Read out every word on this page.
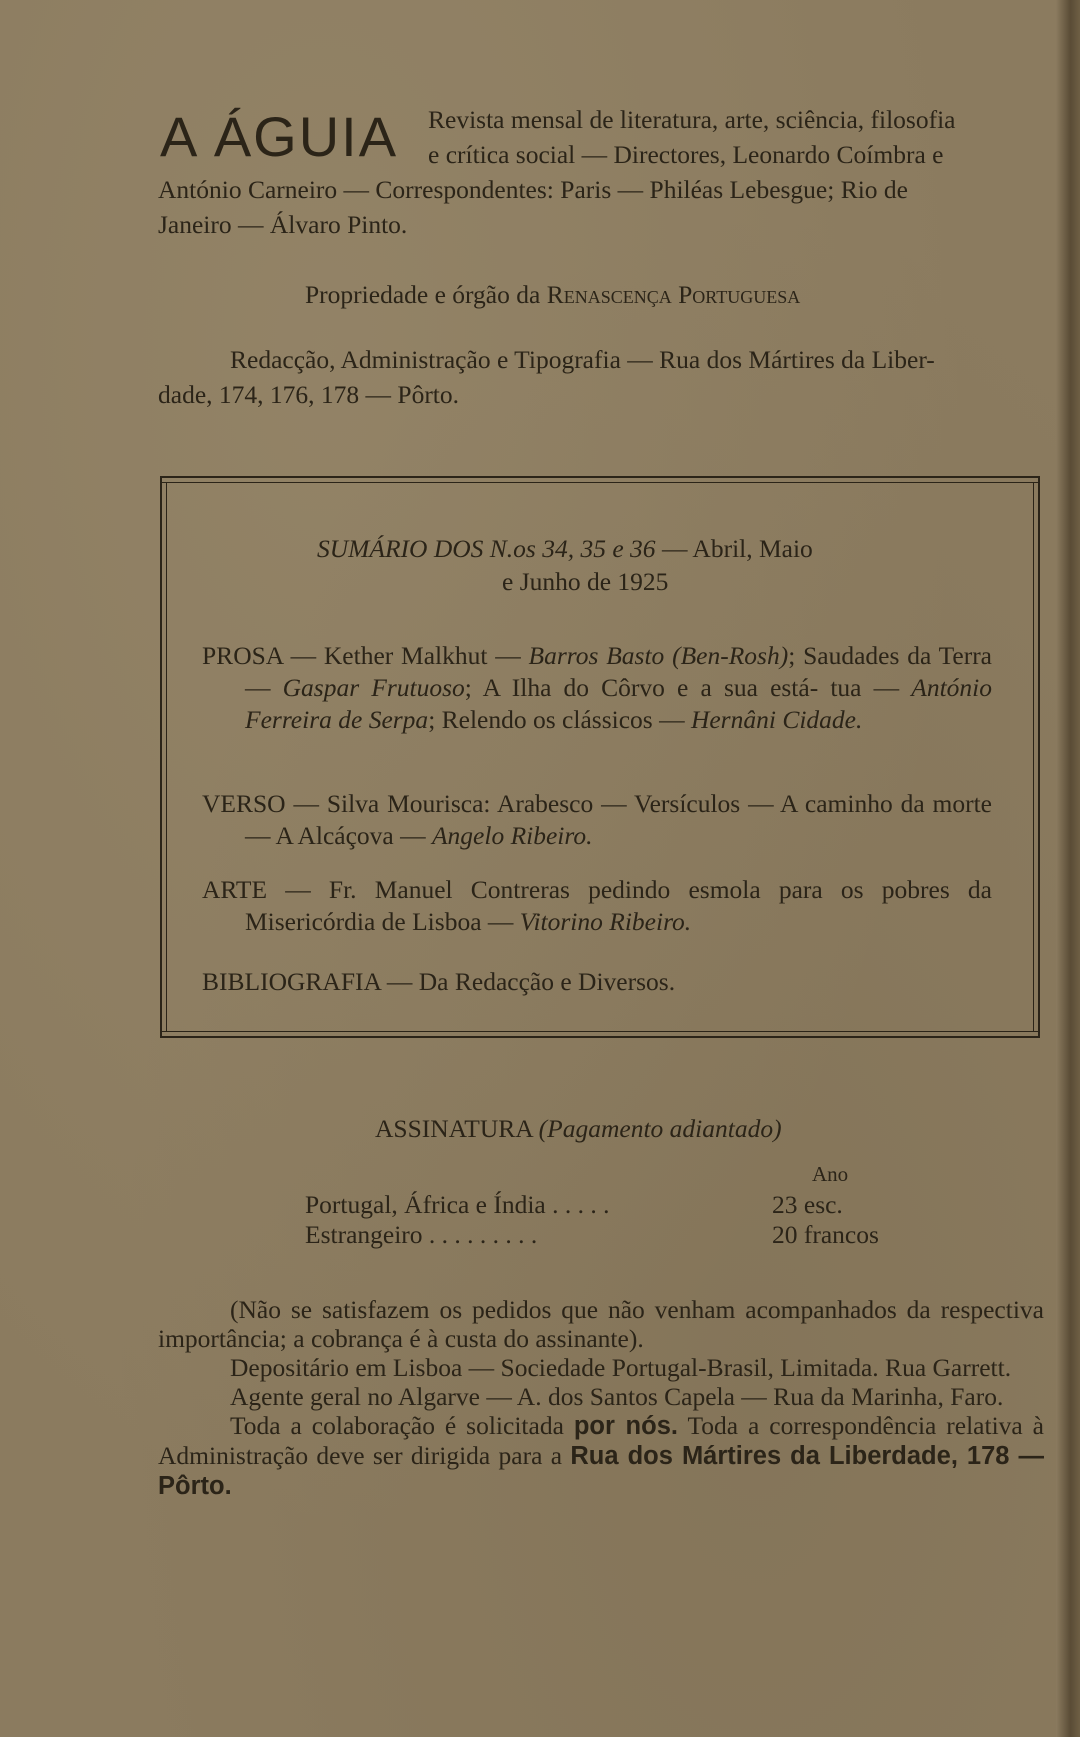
A ÁGUIA Revista mensal de literatura, arte, sciência, filosofia
e crítica social — Directores, Leonardo Coímbra e
António Carneiro — Correspondentes: Paris — Philéas Lebesgue; Rio de
Janeiro — Álvaro Pinto.
Propriedade e órgão da Renascença Portuguesa
Redacção, Administração e Tipografia — Rua dos Mártires da Liber-
dade, 174, 176, 178 — Pôrto.
SUMÁRIO DOS N.os 34, 35 e 36 — Abril, Maio
e Junho de 1925
PROSA — Kether Malkhut — Barros Basto (Ben-Rosh); Saudades da Terra — Gaspar Frutuoso; A Ilha do Côrvo e a sua está- tua — António Ferreira de Serpa; Relendo os clássicos — Hernâni Cidade.
VERSO — Silva Mourisca: Arabesco — Versículos — A caminho da morte — A Alcáçova — Angelo Ribeiro.
ARTE — Fr. Manuel Contreras pedindo esmola para os pobres da Misericórdia de Lisboa — Vitorino Ribeiro.
BIBLIOGRAFIA — Da Redacção e Diversos.
ASSINATURA (Pagamento adiantado)
Ano
Portugal, África e Índia . . . . .	23 esc.
Estrangeiro . . . . . . . . .	20 francos

(Não se satisfazem os pedidos que não venham acompanhados da respectiva importância; a cobrança é à custa do assinante).

Depositário em Lisboa — Sociedade Portugal-Brasil, Limitada. Rua Garrett.

Agente geral no Algarve — A. dos Santos Capela — Rua da Marinha, Faro.

Toda a colaboração é solicitada por nós. Toda a correspondência relativa à Administração deve ser dirigida para a Rua dos Mártires da Liberdade, 178 — Pôrto.
